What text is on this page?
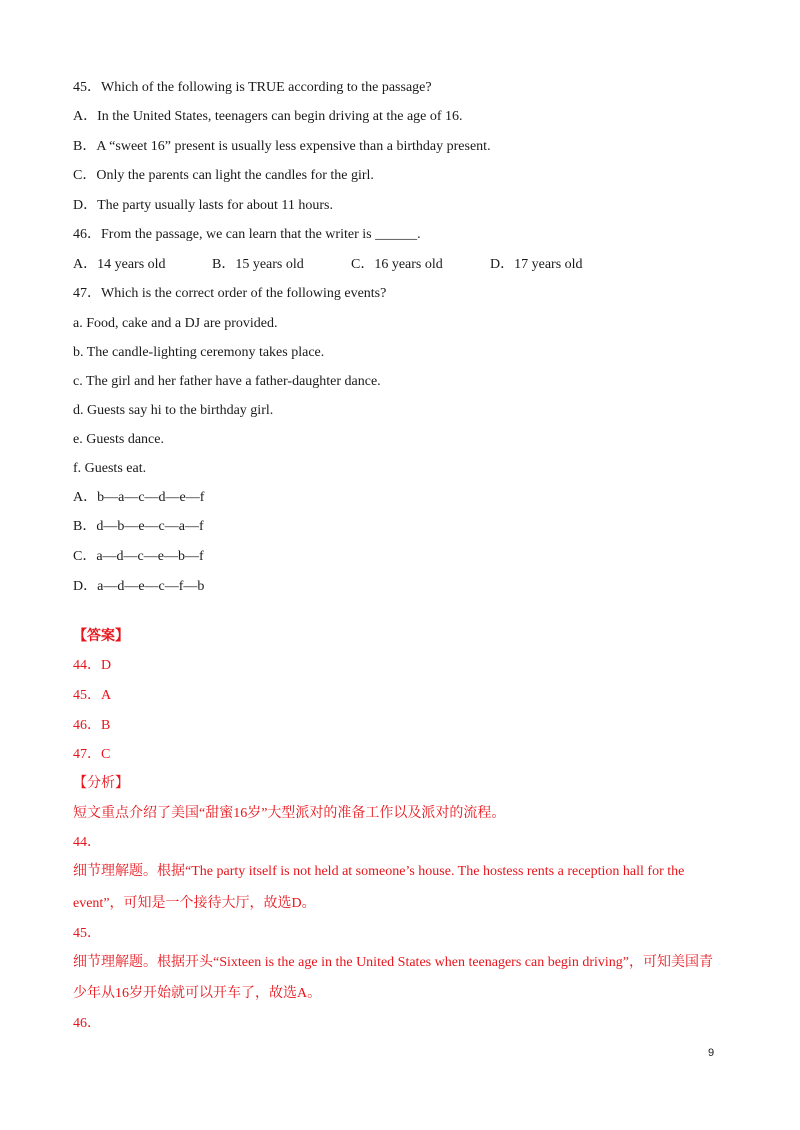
45．Which of the following is TRUE according to the passage?
A．In the United States, teenagers can begin driving at the age of 16.
B．A “sweet 16” present is usually less expensive than a birthday present.
C．Only the parents can light the candles for the girl.
D．The party usually lasts for about 11 hours.
46．From the passage, we can learn that the writer is ______.
A．14 years old	B．15 years old	C．16 years old	D．17 years old
47．Which is the correct order of the following events?
a. Food, cake and a DJ are provided.
b. The candle-lighting ceremony takes place.
c. The girl and her father have a father-daughter dance.
d. Guests say hi to the birthday girl.
e. Guests dance.
f. Guests eat.
A．b—a—c—d—e—f
B．d—b—e—c—a—f
C．a—d—c—e—b—f
D．a—d—e—c—f—b
【答案】
44．D
45．A
46．B
47．C
【分析】
短文重点介绍了美国“甜蜜16岁”大型派对的准备工作以及派对的流程。
44．
细节理解题。根据“The party itself is not held at someone’s house. The hostess rents a reception hall for the
event”，可知是一个接待大厅，故选D。
45．
细节理解题。根据开头“Sixteen is the age in the United States when teenagers can begin driving”，可知美国青
少年从16岁开始就可以开车了，故选A。
46．
9
